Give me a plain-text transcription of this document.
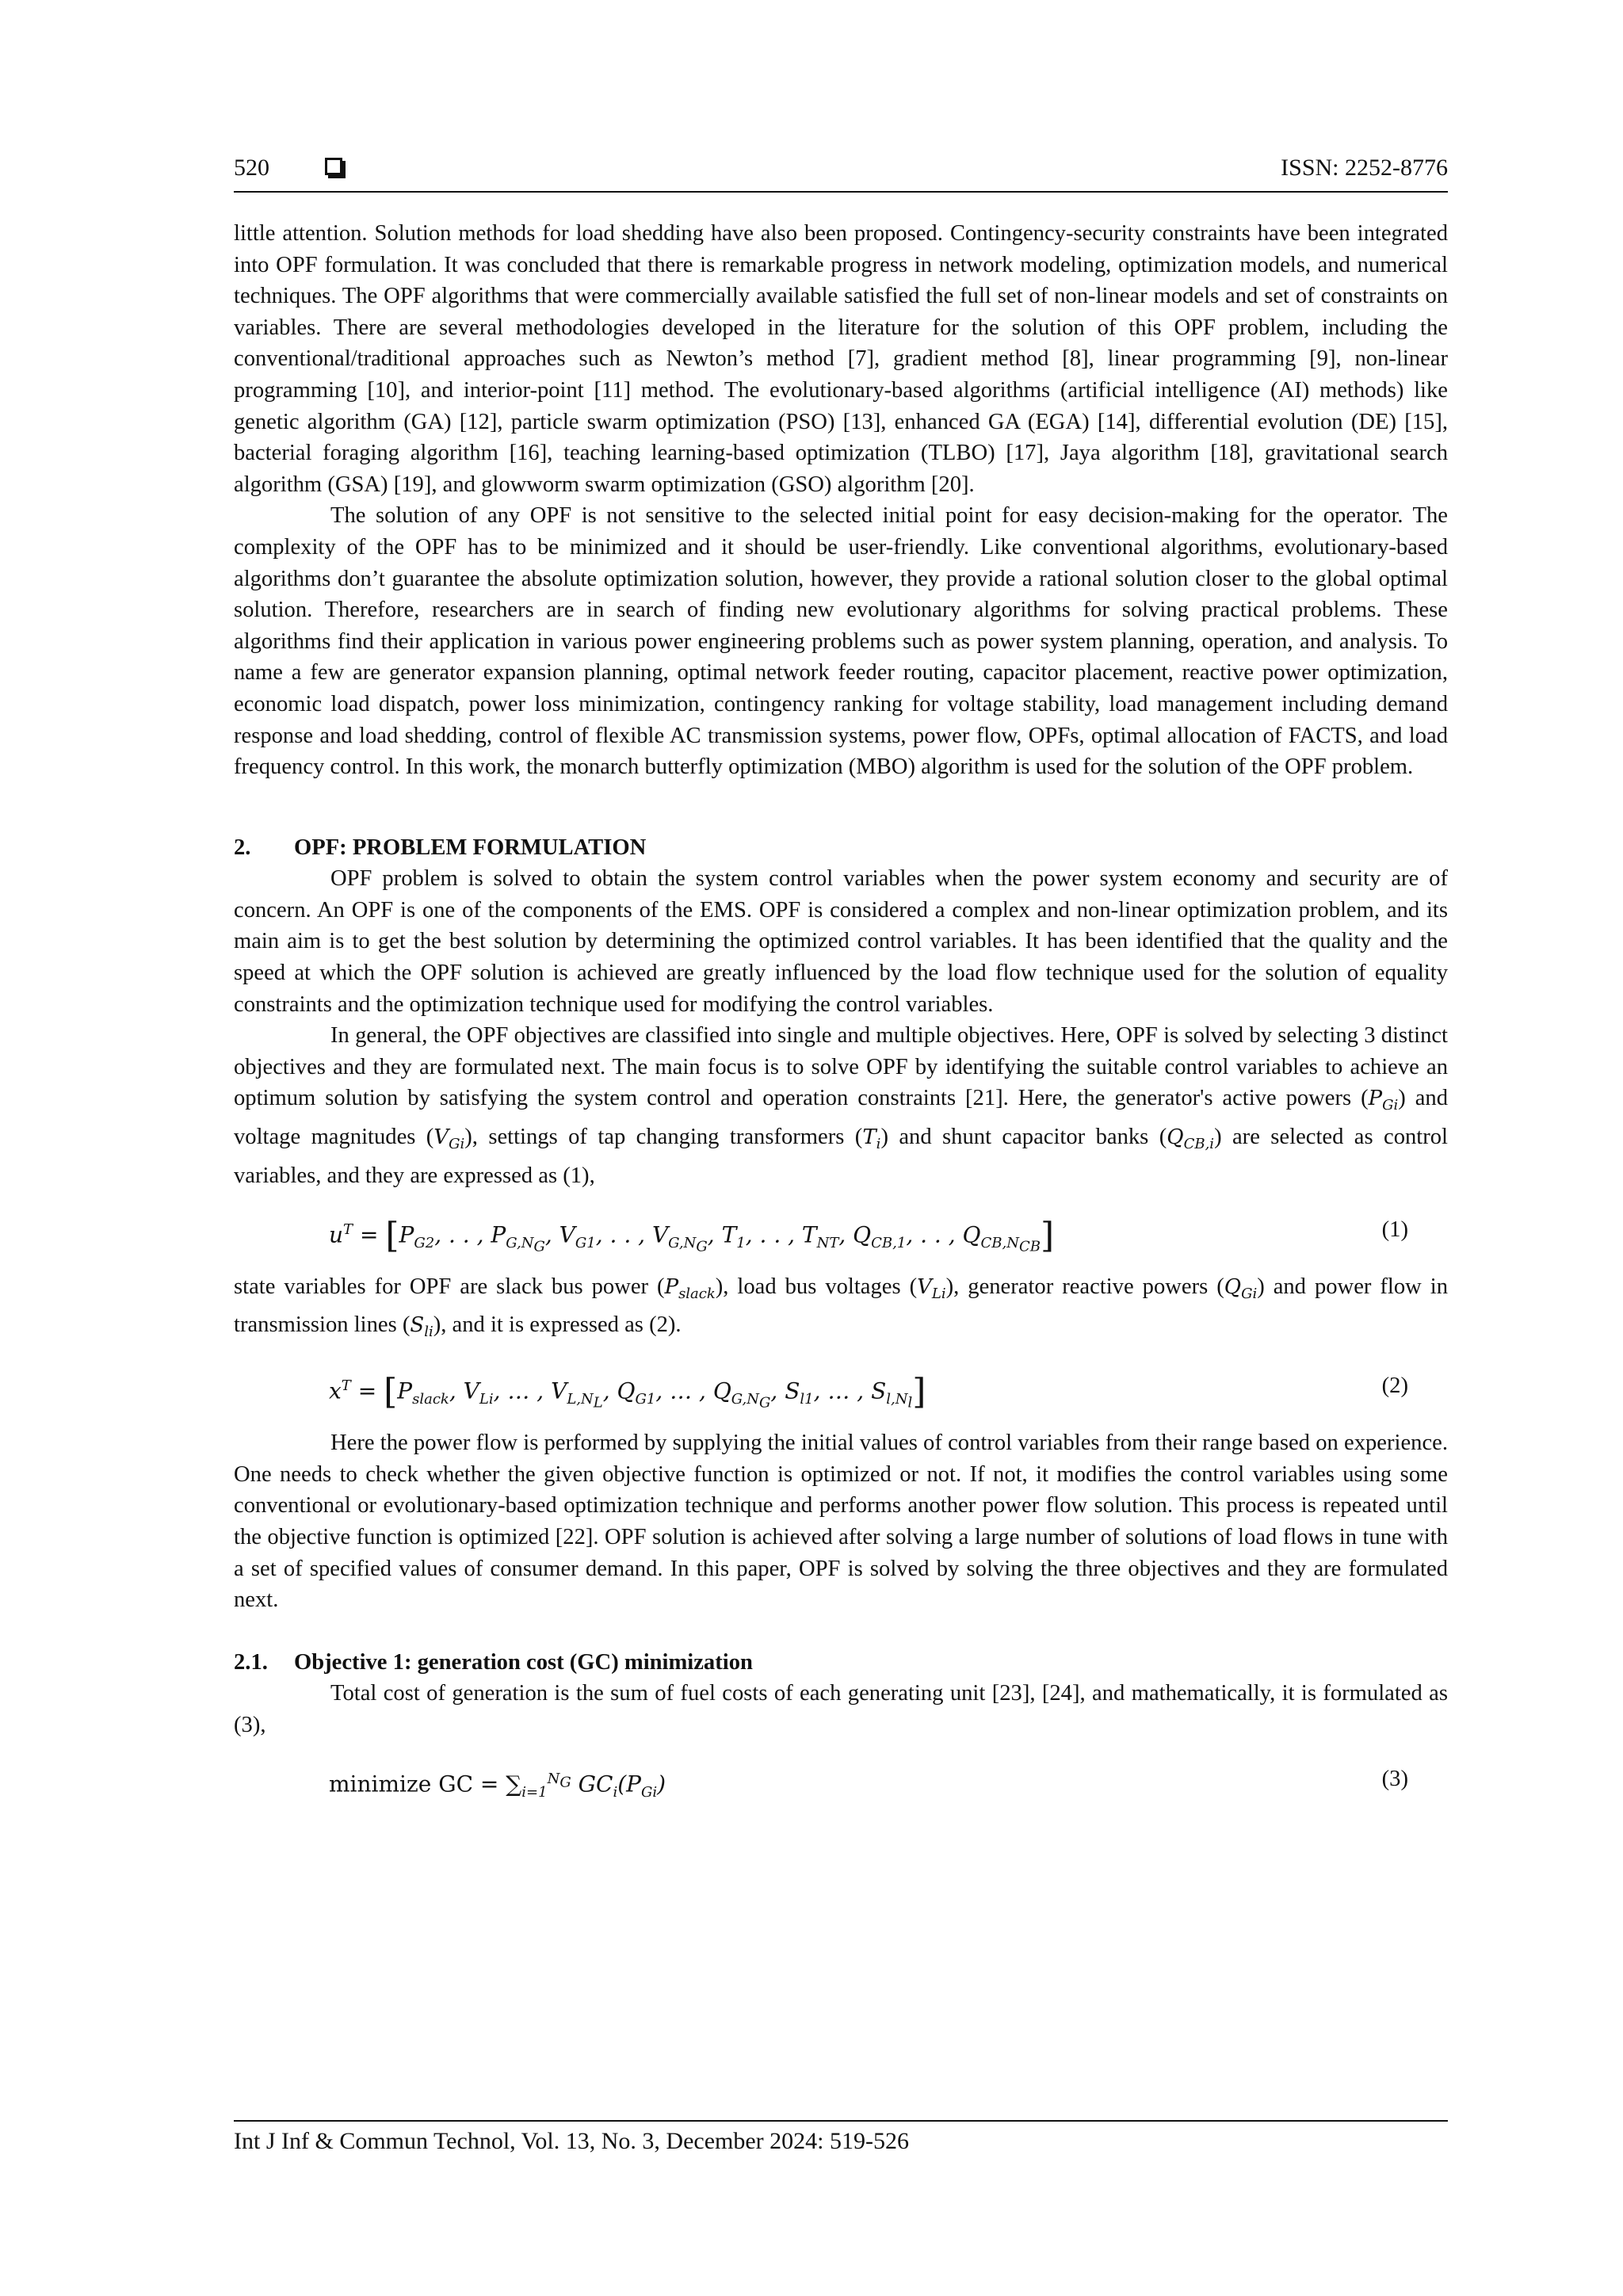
520	ISSN: 2252-8776

little attention. Solution methods for load shedding have also been proposed. Contingency-security constraints have been integrated into OPF formulation. It was concluded that there is remarkable progress in network modeling, optimization models, and numerical techniques. The OPF algorithms that were commercially available satisfied the full set of non-linear models and set of constraints on variables. There are several methodologies developed in the literature for the solution of this OPF problem, including the conventional/traditional approaches such as Newton’s method [7], gradient method [8], linear programming [9], non-linear programming [10], and interior-point [11] method. The evolutionary-based algorithms (artificial intelligence (AI) methods) like genetic algorithm (GA) [12], particle swarm optimization (PSO) [13], enhanced GA (EGA) [14], differential evolution (DE) [15], bacterial foraging algorithm [16], teaching learning-based optimization (TLBO) [17], Jaya algorithm [18], gravitational search algorithm (GSA) [19], and glowworm swarm optimization (GSO) algorithm [20].

The solution of any OPF is not sensitive to the selected initial point for easy decision-making for the operator. The complexity of the OPF has to be minimized and it should be user-friendly. Like conventional algorithms, evolutionary-based algorithms don’t guarantee the absolute optimization solution, however, they provide a rational solution closer to the global optimal solution. Therefore, researchers are in search of finding new evolutionary algorithms for solving practical problems. These algorithms find their application in various power engineering problems such as power system planning, operation, and analysis. To name a few are generator expansion planning, optimal network feeder routing, capacitor placement, reactive power optimization, economic load dispatch, power loss minimization, contingency ranking for voltage stability, load management including demand response and load shedding, control of flexible AC transmission systems, power flow, OPFs, optimal allocation of FACTS, and load frequency control. In this work, the monarch butterfly optimization (MBO) algorithm is used for the solution of the OPF problem.

2. OPF: PROBLEM FORMULATION

OPF problem is solved to obtain the system control variables when the power system economy and security are of concern. An OPF is one of the components of the EMS. OPF is considered a complex and non-linear optimization problem, and its main aim is to get the best solution by determining the optimized control variables. It has been identified that the quality and the speed at which the OPF solution is achieved are greatly influenced by the load flow technique used for the solution of equality constraints and the optimization technique used for modifying the control variables.

In general, the OPF objectives are classified into single and multiple objectives. Here, OPF is solved by selecting 3 distinct objectives and they are formulated next. The main focus is to solve OPF by identifying the suitable control variables to achieve an optimum solution by satisfying the system control and operation constraints [21]. Here, the generator's active powers $(P_{Gi})$ and voltage magnitudes $(V_{Gi})$, settings of tap changing transformers $(T_i)$ and shunt capacitor banks $(Q_{CB,i})$ are selected as control variables, and they are expressed as (1),

$u^T = [P_{G2}$, . . , $P_{G,N_G}$, $V_{G1}$, . . , $V_{G,N_G}$, $T_1$, . . , $T_{NT}$, $Q_{CB,1}$, . . , $Q_{CB,N_{CB}}$]	(1)

state variables for OPF are slack bus power $(P_{slack})$, load bus voltages $(V_{Li})$, generator reactive powers $(Q_{Gi})$ and power flow in transmission lines $(S_{li})$, and it is expressed as (2).

$x^T = [P_{slack}$, $V_{Li}$, … , $V_{L,N_L}$, $Q_{G1}$, … , $Q_{G,N_G}$, $S_{l1}$, … , $S_{l,N_l}$]	(2)

Here the power flow is performed by supplying the initial values of control variables from their range based on experience. One needs to check whether the given objective function is optimized or not. If not, it modifies the control variables using some conventional or evolutionary-based optimization technique and performs another power flow solution. This process is repeated until the objective function is optimized [22]. OPF solution is achieved after solving a large number of solutions of load flows in tune with a set of specified values of consumer demand. In this paper, OPF is solved by solving the three objectives and they are formulated next.

2.1. Objective 1: generation cost (GC) minimization

Total cost of generation is the sum of fuel costs of each generating unit [23], [24], and mathematically, it is formulated as (3),

minimize GC = $\sum_{i=1}^{N_G}$ $GC_i(P_{Gi})$	(3)
Int J Inf & Commun Technol, Vol. 13, No. 3, December 2024: 519-526
